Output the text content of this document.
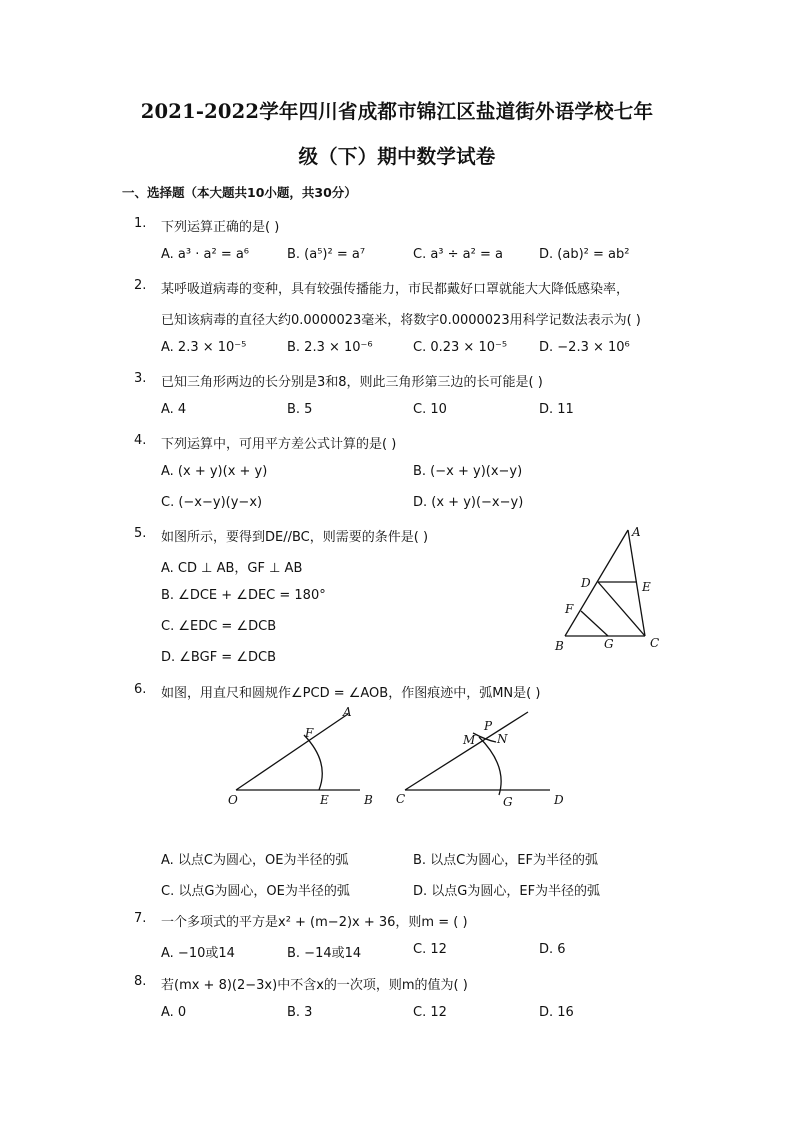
2021-2022学年四川省成都市锦江区盐道街外语学校七年
级（下）期中数学试卷
一、选择题（本大题共10小题，共30分）
1. 下列运算正确的是( )
A. a³ · a² = a⁶	B. (a⁵)² = a⁷	C. a³ ÷ a² = a	D. (ab)² = ab²
2. 某呼吸道病毒的变种，具有较强传播能力，市民都戴好口罩就能大大降低感染率，
已知该病毒的直径大约0.0000023毫米，将数字0.0000023用科学记数法表示为( )
A. 2.3 × 10⁻⁵	B. 2.3 × 10⁻⁶	C. 0.23 × 10⁻⁵ D. −2.3 × 10⁶
3. 已知三角形两边的长分别是3和8，则此三角形第三边的长可能是( )
A. 4	B. 5	C. 10	D. 11
4. 下列运算中，可用平方差公式计算的是( )
A. (x + y)(x + y)	B. (−x + y)(x−y)
C. (−x−y)(y−x)	D. (x + y)(−x−y)
5. 如图所示，要得到DE//BC，则需要的条件是( )
A. CD ⊥ AB，GF ⊥ AB
B. ∠DCE + ∠DEC = 180°
C. ∠EDC = ∠DCB
D. ∠BGF = ∠DCB
A
D	E
F
B	G	C
6. 如图，用直尺和圆规作∠PCD = ∠AOB，作图痕迹中，弧MN是( )
O
A
B
E
F
C	D
G
M N
P
A. 以点C为圆心，OE为半径的弧	B. 以点C为圆心，EF为半径的弧
C. 以点G为圆心，OE为半径的弧	D. 以点G为圆心，EF为半径的弧
7. 一个多项式的平方是x² + (m−2)x + 36，则m = ( )
A. −10或14	B. −14或14	C. 12	D. 6
8. 若(mx + 8)(2−3x)中不含x的一次项，则m的值为( )
A. 0	B. 3	C. 12	D. 16
